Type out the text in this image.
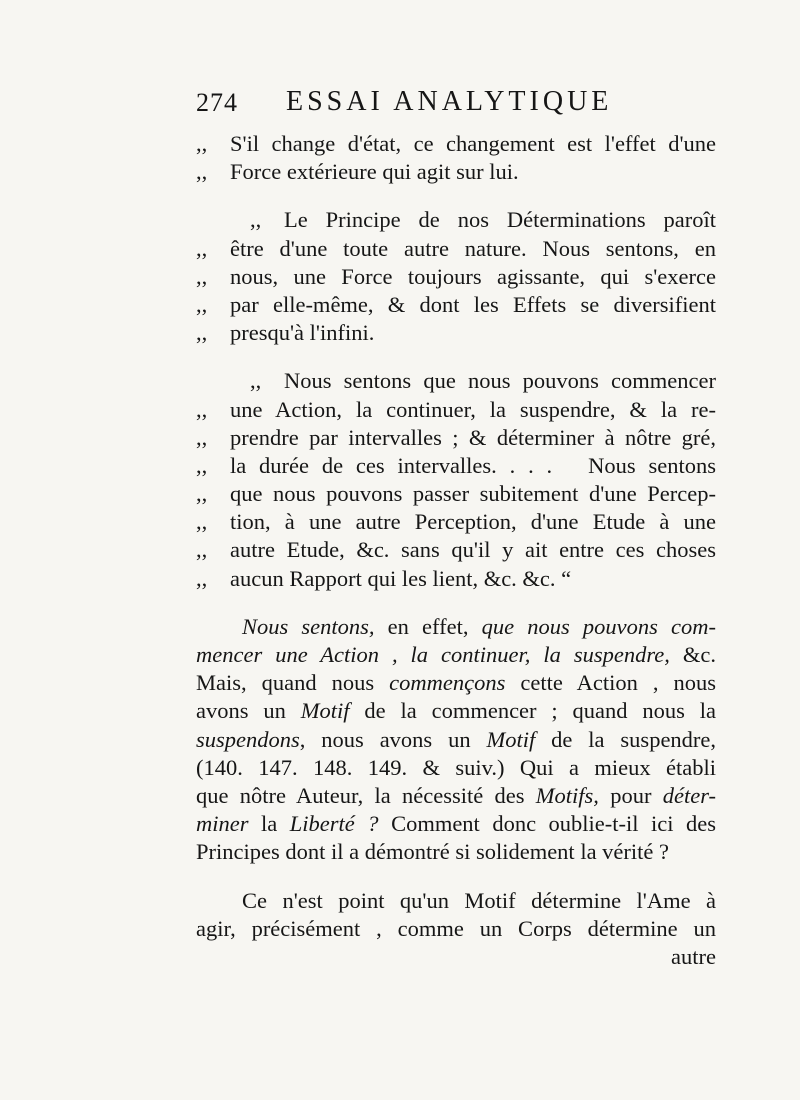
274 ESSAI ANALYTIQUE
,, S'il change d'état, ce changement est l'effet d'une
,, Force extérieure qui agit sur lui.
,, Le Principe de nos Déterminations paroît
,, être d'une toute autre nature. Nous sentons, en
,, nous, une Force toujours agissante, qui s'exerce
,, par elle-même, & dont les Effets se diversifient
,, presqu'à l'infini.
,, Nous sentons que nous pouvons commencer
,, une Action, la continuer, la suspendre, & la re-
,, prendre par intervalles ; & déterminer à nôtre gré,
,, la durée de ces intervalles. . . . Nous sentons
,, que nous pouvons passer subitement d'une Percep-
,, tion, à une autre Perception, d'une Etude à une
,, autre Etude, &c. sans qu'il y ait entre ces choses
,, aucun Rapport qui les lient, &c. &c. “
Nous sentons, en effet, que nous pouvons com-
mencer une Action , la continuer, la suspendre, &c.
Mais, quand nous commençons cette Action , nous
avons un Motif de la commencer ; quand nous la
suspendons, nous avons un Motif de la suspendre,
(140. 147. 148. 149. & suiv.) Qui a mieux établi
que nôtre Auteur, la nécessité des Motifs, pour déter-
miner la Liberté ? Comment donc oublie-t-il ici des
Principes dont il a démontré si solidement la vérité ?
Ce n'est point qu'un Motif détermine l'Ame à
agir, précisément , comme un Corps détermine un
autre
